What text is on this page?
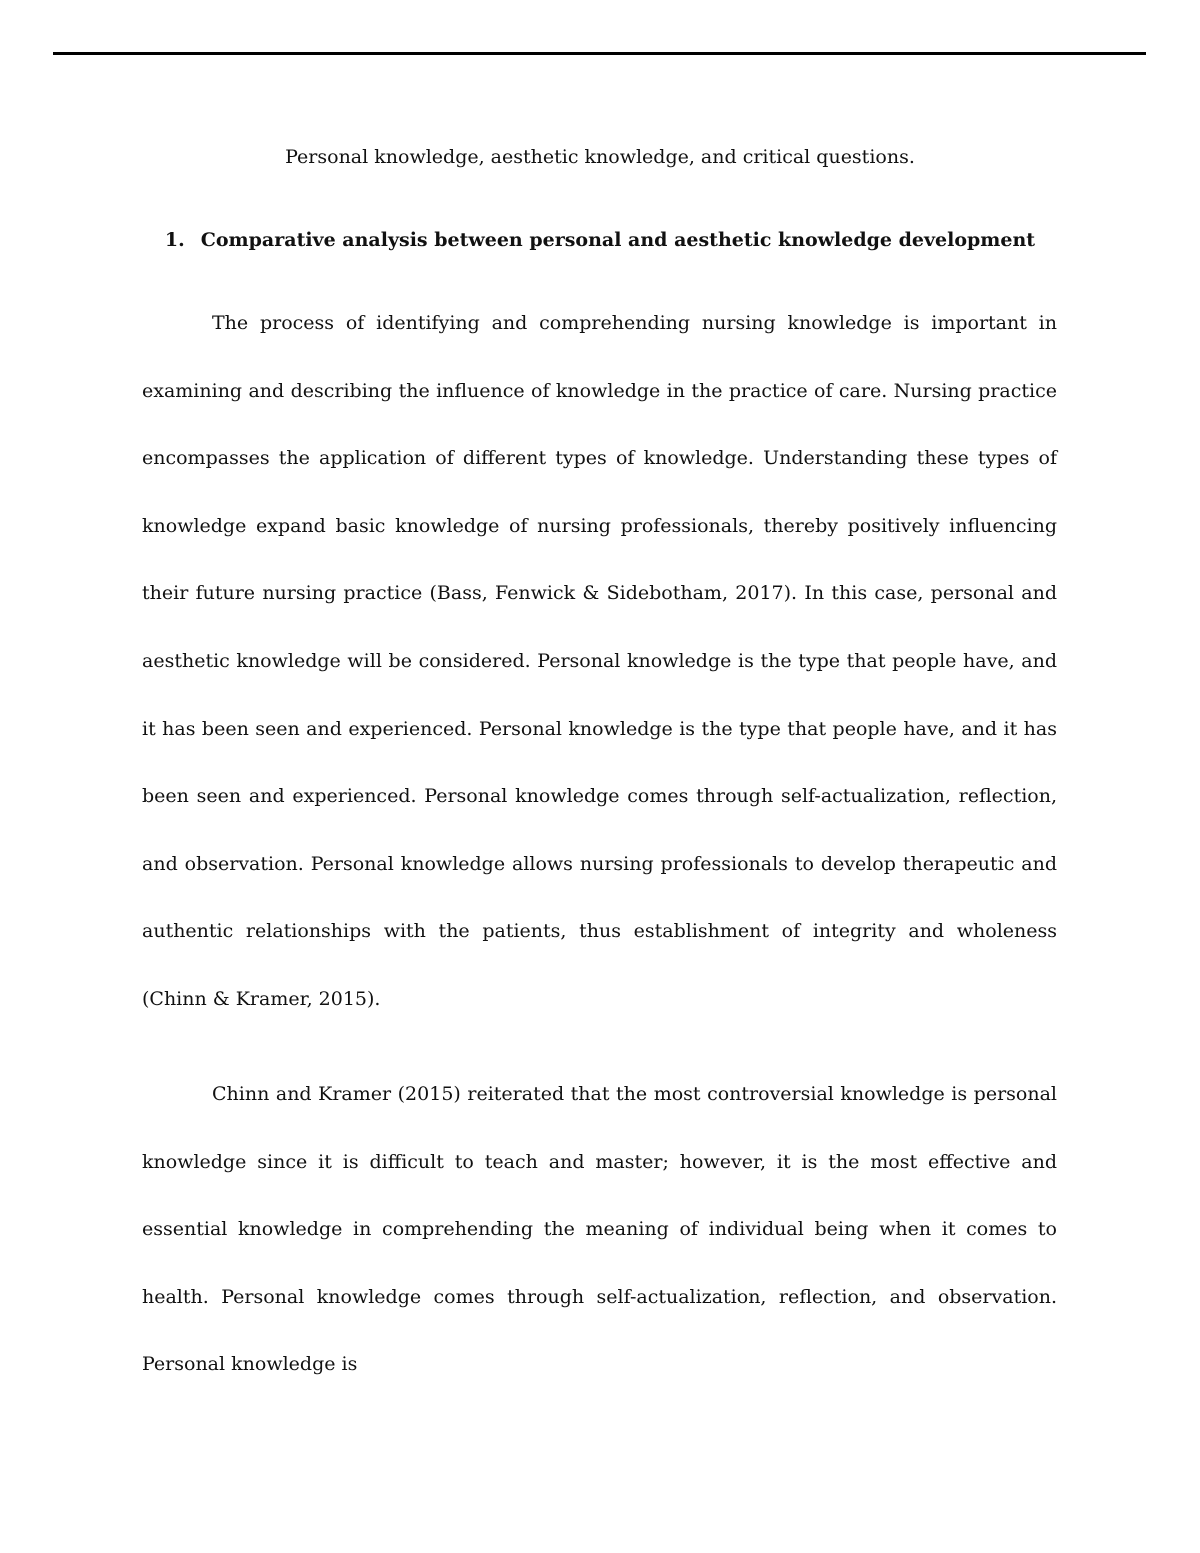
Personal knowledge, aesthetic knowledge, and critical questions.
1. Comparative analysis between personal and aesthetic knowledge development

The process of identifying and comprehending nursing knowledge is important in examining and describing the influence of knowledge in the practice of care. Nursing practice encompasses the application of different types of knowledge. Understanding these types of knowledge expand basic knowledge of nursing professionals, thereby positively influencing their future nursing practice (Bass, Fenwick & Sidebotham, 2017). In this case, personal and aesthetic knowledge will be considered. Personal knowledge is the type that people have, and it has been seen and experienced. Personal knowledge is the type that people have, and it has been seen and experienced. Personal knowledge comes through self-actualization, reflection, and observation. Personal knowledge allows nursing professionals to develop therapeutic and authentic relationships with the patients, thus establishment of integrity and wholeness (Chinn & Kramer, 2015).

Chinn and Kramer (2015) reiterated that the most controversial knowledge is personal knowledge since it is difficult to teach and master; however, it is the most effective and essential knowledge in comprehending the meaning of individual being when it comes to health. Personal knowledge comes through self-actualization, reflection, and observation. Personal knowledge is
